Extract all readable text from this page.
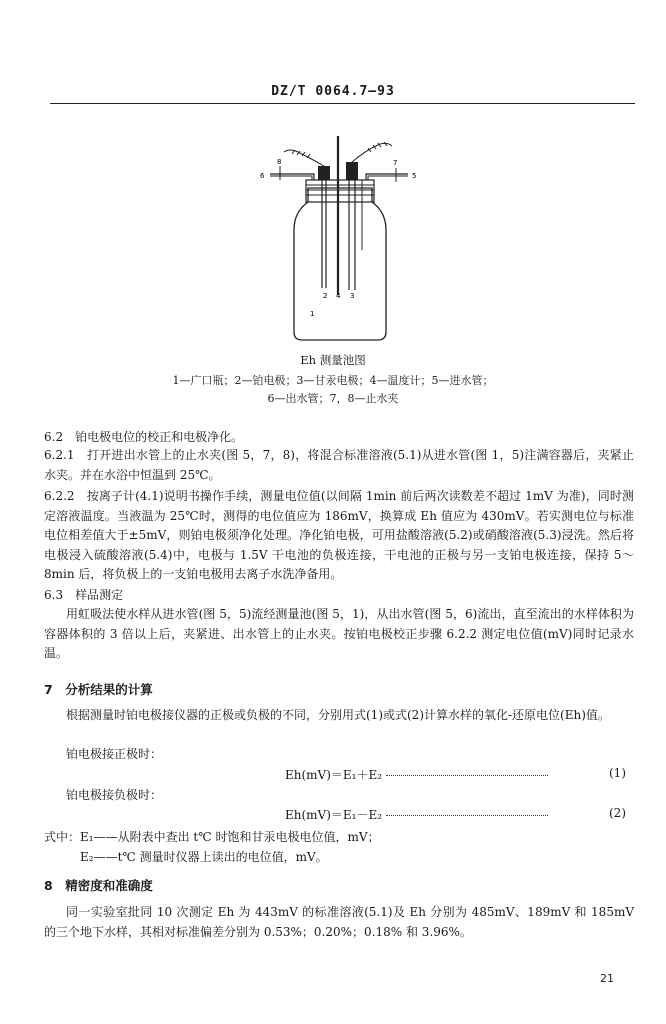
DZ/T 0064.7—93
8	7
6	5
1
2 4 3
Eh 测量池图
1—广口瓶；2—铂电极；3—甘汞电极；4—温度计；5—进水管；
6—出水管；7，8—止水夹
6.2　铂电极电位的校正和电极净化。
6.2.1　打开进出水管上的止水夹(图 5，7，8)，将混合标准溶液(5.1)从进水管(图 1，5)注满容器后，夹紧止水夹。并在水浴中恒温到 25℃。
6.2.2　按离子计(4.1)说明书操作手续，测量电位值(以间隔 1min 前后两次读数差不超过 1mV 为准)，同时测定溶液温度。当液温为 25℃时，测得的电位值应为 186mV，换算成 Eh 值应为 430mV。若实测电位与标准电位相差值大于±5mV，则铂电极须净化处理。净化铂电极，可用盐酸溶液(5.2)或硝酸溶液(5.3)浸洗。然后将电极浸入硫酸溶液(5.4)中，电极与 1.5V 干电池的负极连接，干电池的正极与另一支铂电极连接，保持 5～8min 后，将负极上的一支铂电极用去离子水洗净备用。
6.3　样品测定
用虹吸法使水样从进水管(图 5，5)流经测量池(图 5，1)，从出水管(图 5，6)流出，直至流出的水样体积为容器体积的 3 倍以上后，夹紧进、出水管上的止水夹。按铂电极校正步骤 6.2.2 测定电位值(mV)同时记录水温。
7　分析结果的计算
根据测量时铂电极接仪器的正极或负极的不同，分别用式(1)或式(2)计算水样的氧化-还原电位(Eh)值。
铂电极接正极时：
Eh(mV)＝E₁＋E₂	(1)
铂电极接负极时：
Eh(mV)＝E₁－E₂	(2)
式中：E₁——从附表中查出 t℃ 时饱和甘汞电极电位值，mV；
E₂——t℃ 测量时仪器上读出的电位值，mV。
8　精密度和准确度
同一实验室批同 10 次测定 Eh 为 443mV 的标准溶液(5.1)及 Eh 分别为 485mV、189mV 和 185mV 的三个地下水样，其相对标准偏差分别为 0.53%；0.20%；0.18% 和 3.96%。
21
